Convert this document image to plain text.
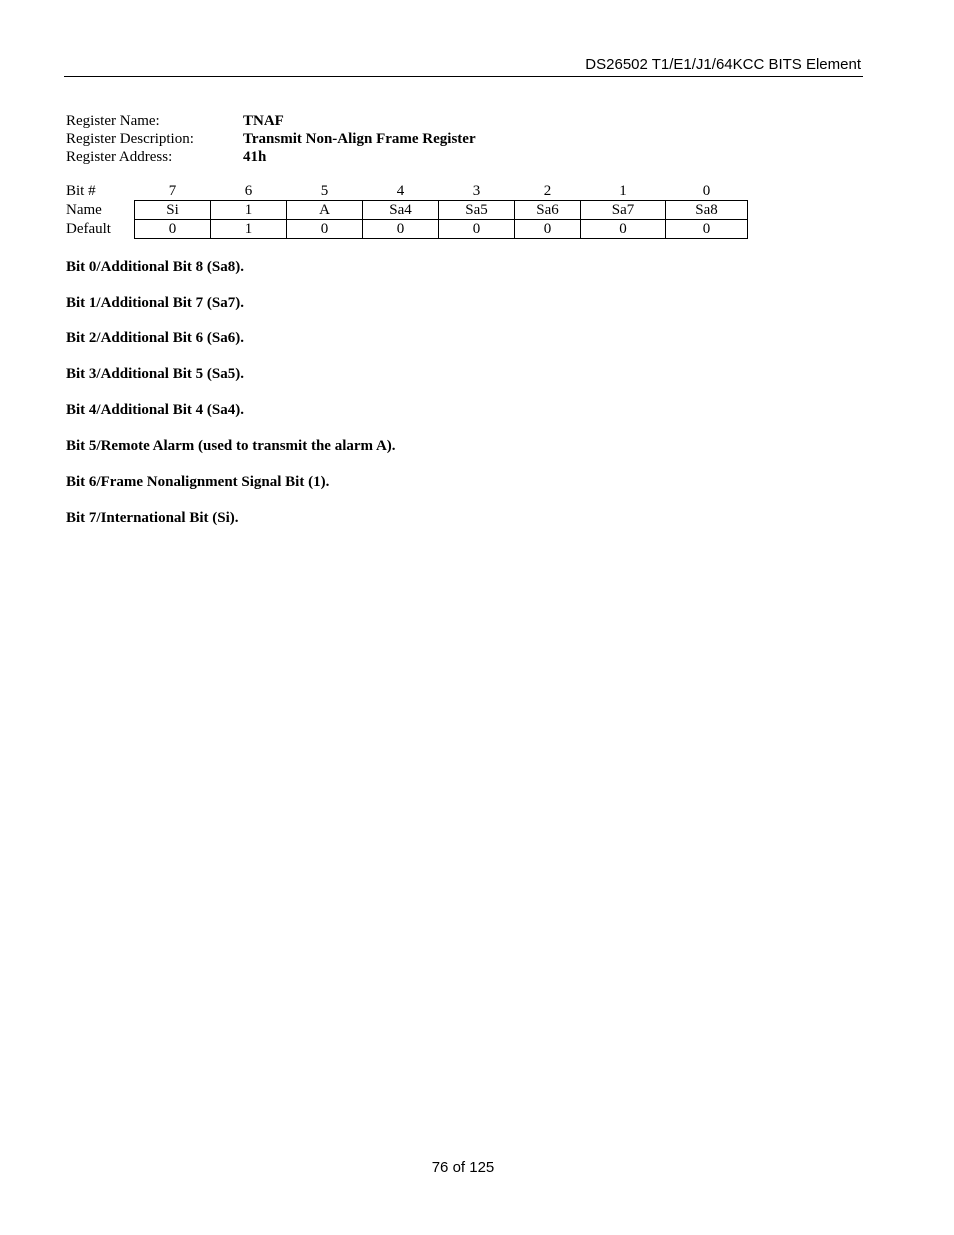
DS26502 T1/E1/J1/64KCC BITS Element
Register Name:	TNAF
Register Description:	Transmit Non-Align Frame Register
Register Address:	41h
Bit #	7	6	5	4	3	2	1	0
Name	Si	1	A	Sa4	Sa5	Sa6	Sa7	Sa8
Default	0	1	0	0	0	0	0	0
Bit 0/Additional Bit 8 (Sa8).
Bit 1/Additional Bit 7 (Sa7).
Bit 2/Additional Bit 6 (Sa6).
Bit 3/Additional Bit 5 (Sa5).
Bit 4/Additional Bit 4 (Sa4).
Bit 5/Remote Alarm (used to transmit the alarm A).
Bit 6/Frame Nonalignment Signal Bit (1).
Bit 7/International Bit (Si).
76 of 125
